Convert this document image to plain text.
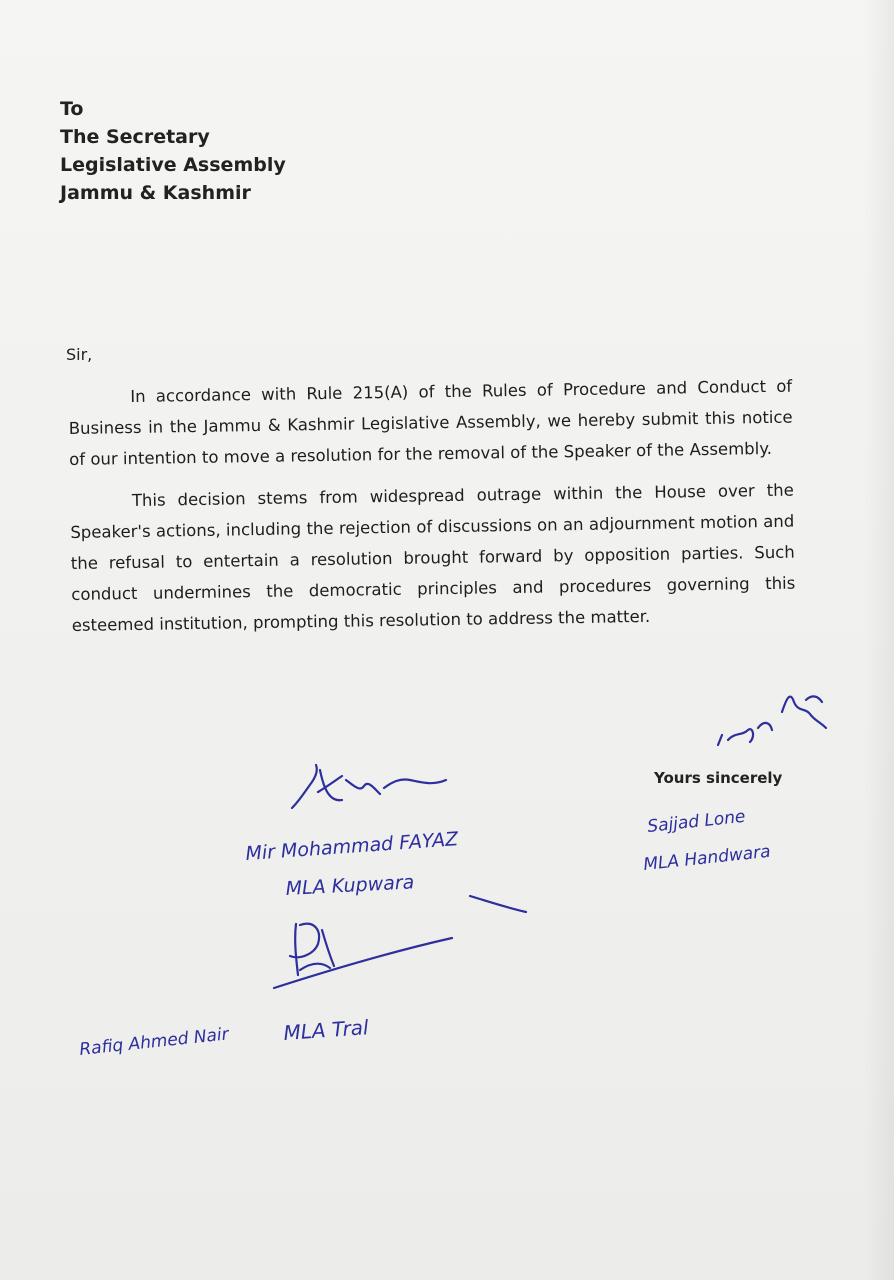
To
The Secretary
Legislative Assembly
Jammu & Kashmir
Sir,

In accordance with Rule 215(A) of the Rules of Procedure and Conduct of Business in the Jammu & Kashmir Legislative Assembly, we hereby submit this notice of our intention to move a resolution for the removal of the Speaker of the Assembly.

This decision stems from widespread outrage within the House over the Speaker's actions, including the rejection of discussions on an adjournment motion and the refusal to entertain a resolution brought forward by opposition parties. Such conduct undermines the democratic principles and procedures governing this esteemed institution, prompting this resolution to address the matter.

Yours sincerely
Mir Mohammad FAYAZ
MLA Kupwara
Rafiq Ahmed Nair	MLA Tral
Sajjad Lone
MLA Handwara
